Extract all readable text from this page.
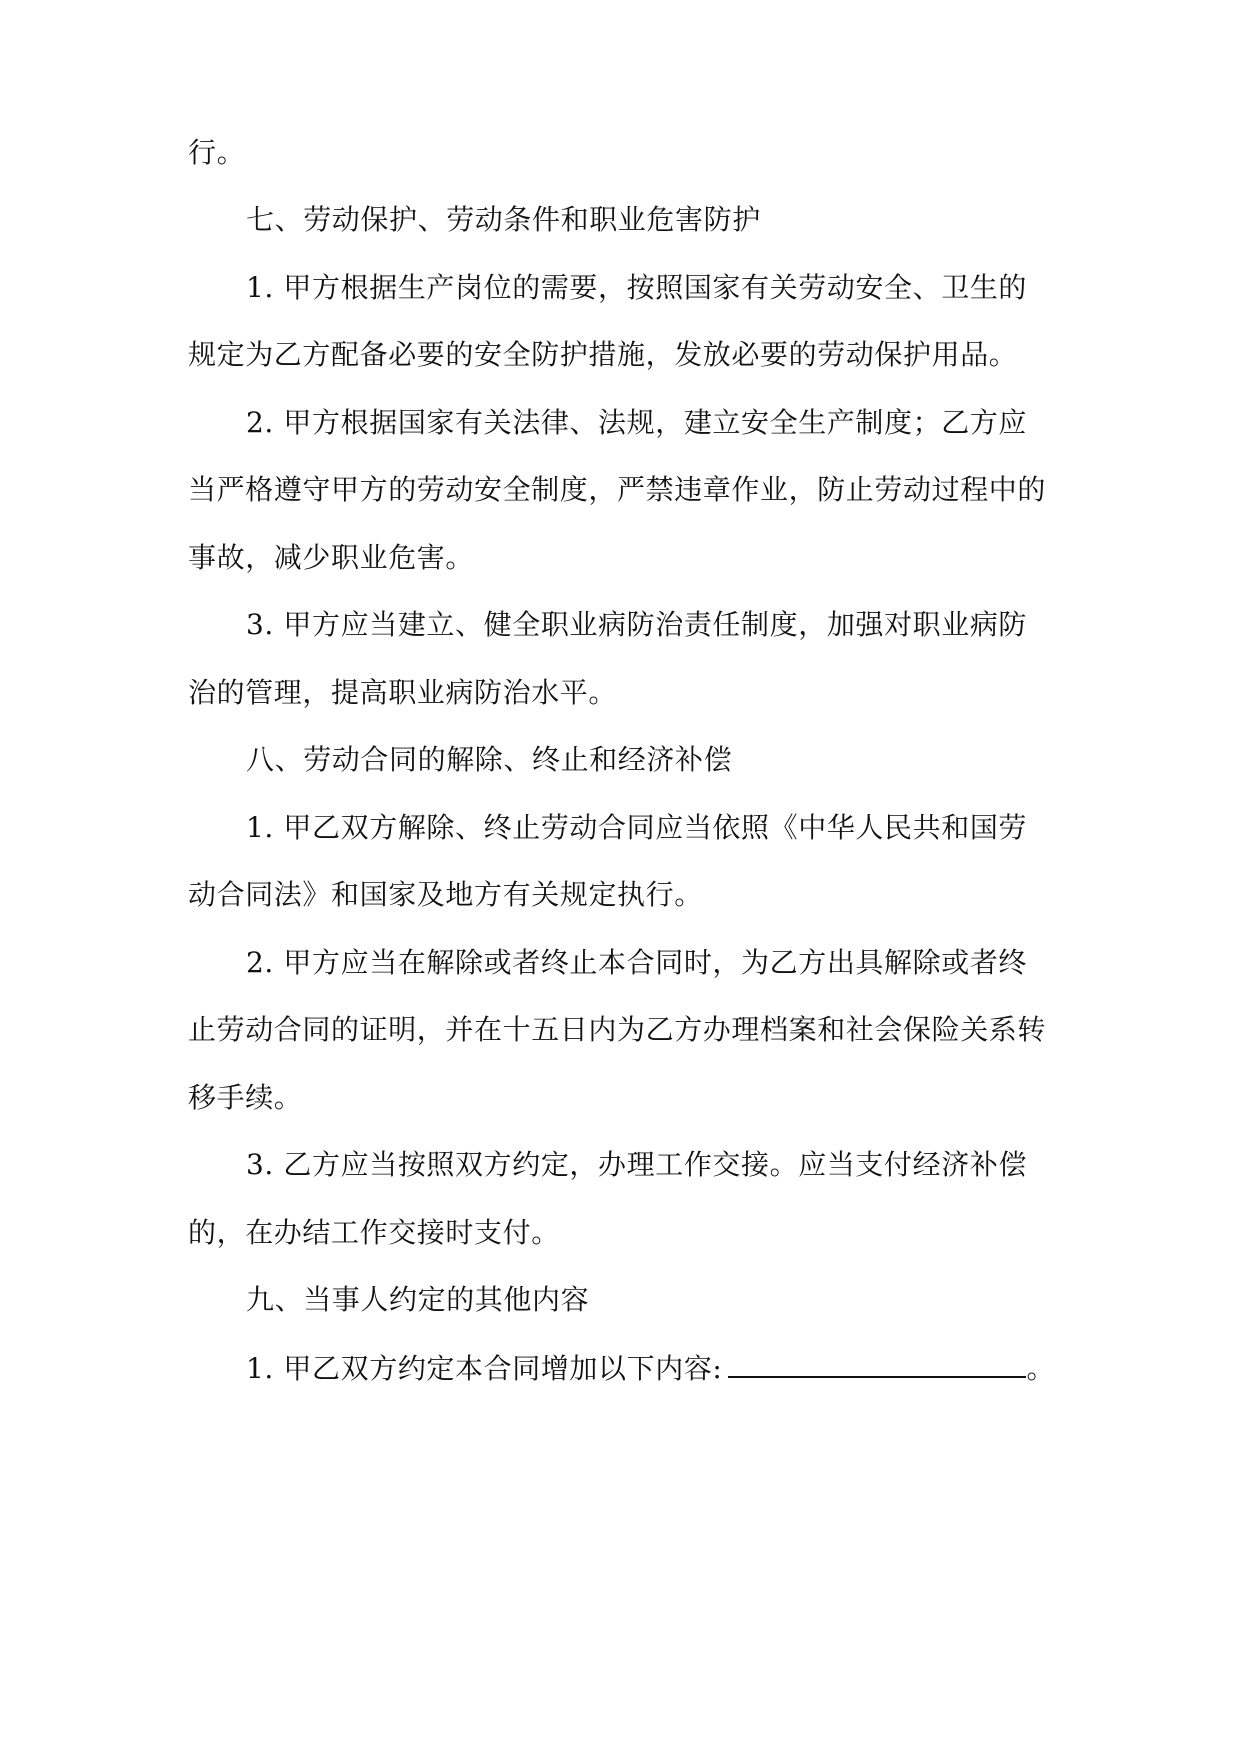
行。
七、劳动保护、劳动条件和职业危害防护
1. 甲方根据生产岗位的需要，按照国家有关劳动安全、卫生的
规定为乙方配备必要的安全防护措施，发放必要的劳动保护用品。
2. 甲方根据国家有关法律、法规，建立安全生产制度；乙方应
当严格遵守甲方的劳动安全制度，严禁违章作业，防止劳动过程中的
事故，减少职业危害。
3. 甲方应当建立、健全职业病防治责任制度，加强对职业病防
治的管理，提高职业病防治水平。
八、劳动合同的解除、终止和经济补偿
1. 甲乙双方解除、终止劳动合同应当依照《中华人民共和国劳
动合同法》和国家及地方有关规定执行。
2. 甲方应当在解除或者终止本合同时，为乙方出具解除或者终
止劳动合同的证明，并在十五日内为乙方办理档案和社会保险关系转
移手续。
3. 乙方应当按照双方约定，办理工作交接。应当支付经济补偿
的，在办结工作交接时支付。
九、当事人约定的其他内容
1. 甲乙双方约定本合同增加以下内容:	。
